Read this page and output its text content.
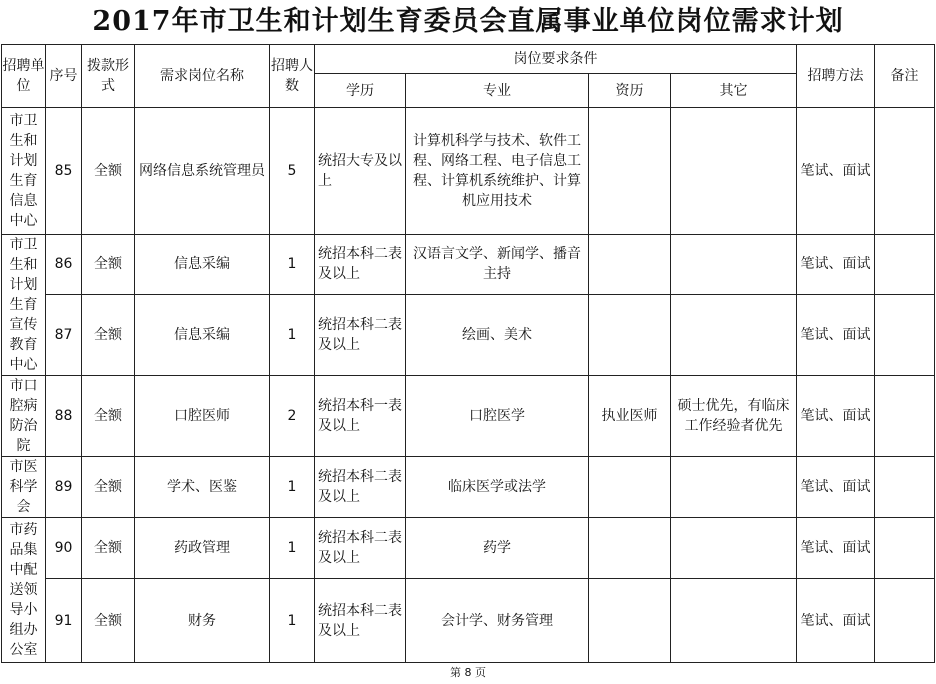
2017年市卫生和计划生育委员会直属事业单位岗位需求计划
招聘单位	序号	拨款形式	需求岗位名称	招聘人数	岗位要求条件				招聘方法	备注
					学历	专业	资历	其它		
市卫生和计划生育信息中心	85	全额	网络信息系统管理员	5	统招大专及以上	计算机科学与技术、软件工程、网络工程、电子信息工程、计算机系统维护、计算机应用技术			笔试、面试	
市卫生和计划生育宣传教育中心	86	全额	信息采编	1	统招本科二表及以上	汉语言文学、新闻学、播音主持			笔试、面试	
	87	全额	信息采编	1	统招本科二表及以上	绘画、美术			笔试、面试	
市口腔病防治院	88	全额	口腔医师	2	统招本科一表及以上	口腔医学	执业医师	硕士优先，有临床工作经验者优先	笔试、面试	
市医科学会	89	全额	学术、医鉴	1	统招本科二表及以上	临床医学或法学			笔试、面试	
市药品集中配送领导小组办公室	90	全额	药政管理	1	统招本科二表及以上	药学			笔试、面试	
	91	全额	财务	1	统招本科二表及以上	会计学、财务管理			笔试、面试	
第 8 页
